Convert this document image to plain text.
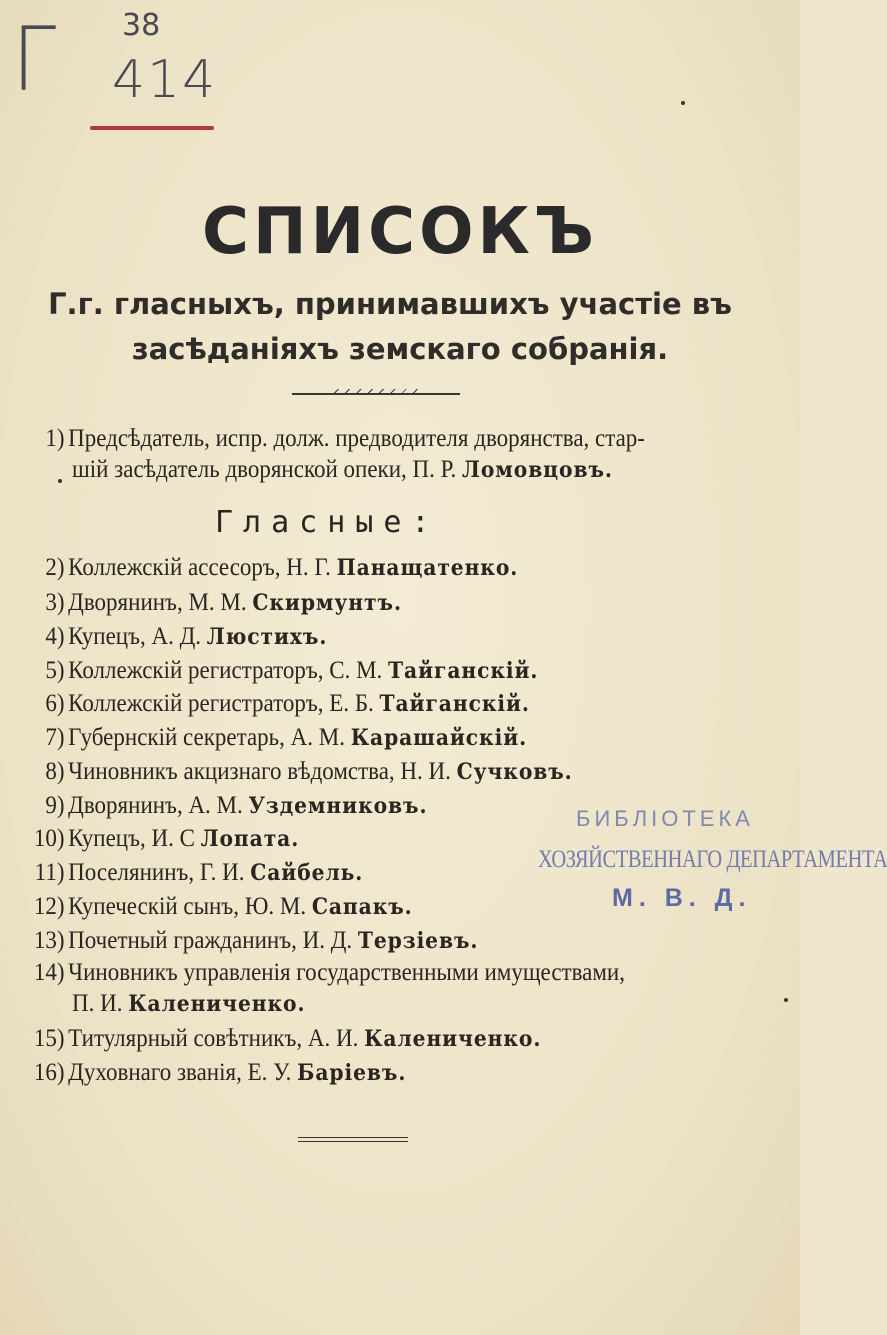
Г 38
414
СПИСОКЪ
Г.г. гласныхъ, принимавшихъ участіе въ
засѣданіяхъ земскаго собранія.
1) Предсѣдатель, испр. долж. предводителя дворянства, стар-
шій засѣдатель дворянской опеки, П. Р. Ломовцовъ.
Гласные:
2) Коллежскій ассесоръ, Н. Г. Панащатенко.
3) Дворянинъ, М. М. Скирмунтъ.
4) Купецъ, А. Д. Люстихъ.
5) Коллежскій регистраторъ, С. М. Тайганскій.
6) Коллежскій регистраторъ, Е. Б. Тайганскій.
7) Губернскій секретарь, А. М. Карашайскій.
8) Чиновникъ акцизнаго вѣдомства, Н. И. Сучковъ.
9) Дворянинъ, А. М. Уздемниковъ.
10) Купецъ, И. С Лопата.
11) Поселянинъ, Г. И. Сайбель.
12) Купеческій сынъ, Ю. М. Сапакъ.
13) Почетный гражданинъ, И. Д. Терзіевъ.
14) Чиновникъ управленія государственными имуществами,
П. И. Калениченко.
15) Титулярный совѣтникъ, А. И. Калениченко.
16) Духовнаго званія, Е. У. Баріевъ.
БИБЛІОТЕКА
ХОЗЯЙСТВЕННАГО ДЕПАРТАМЕНТА
М. В. Д.
